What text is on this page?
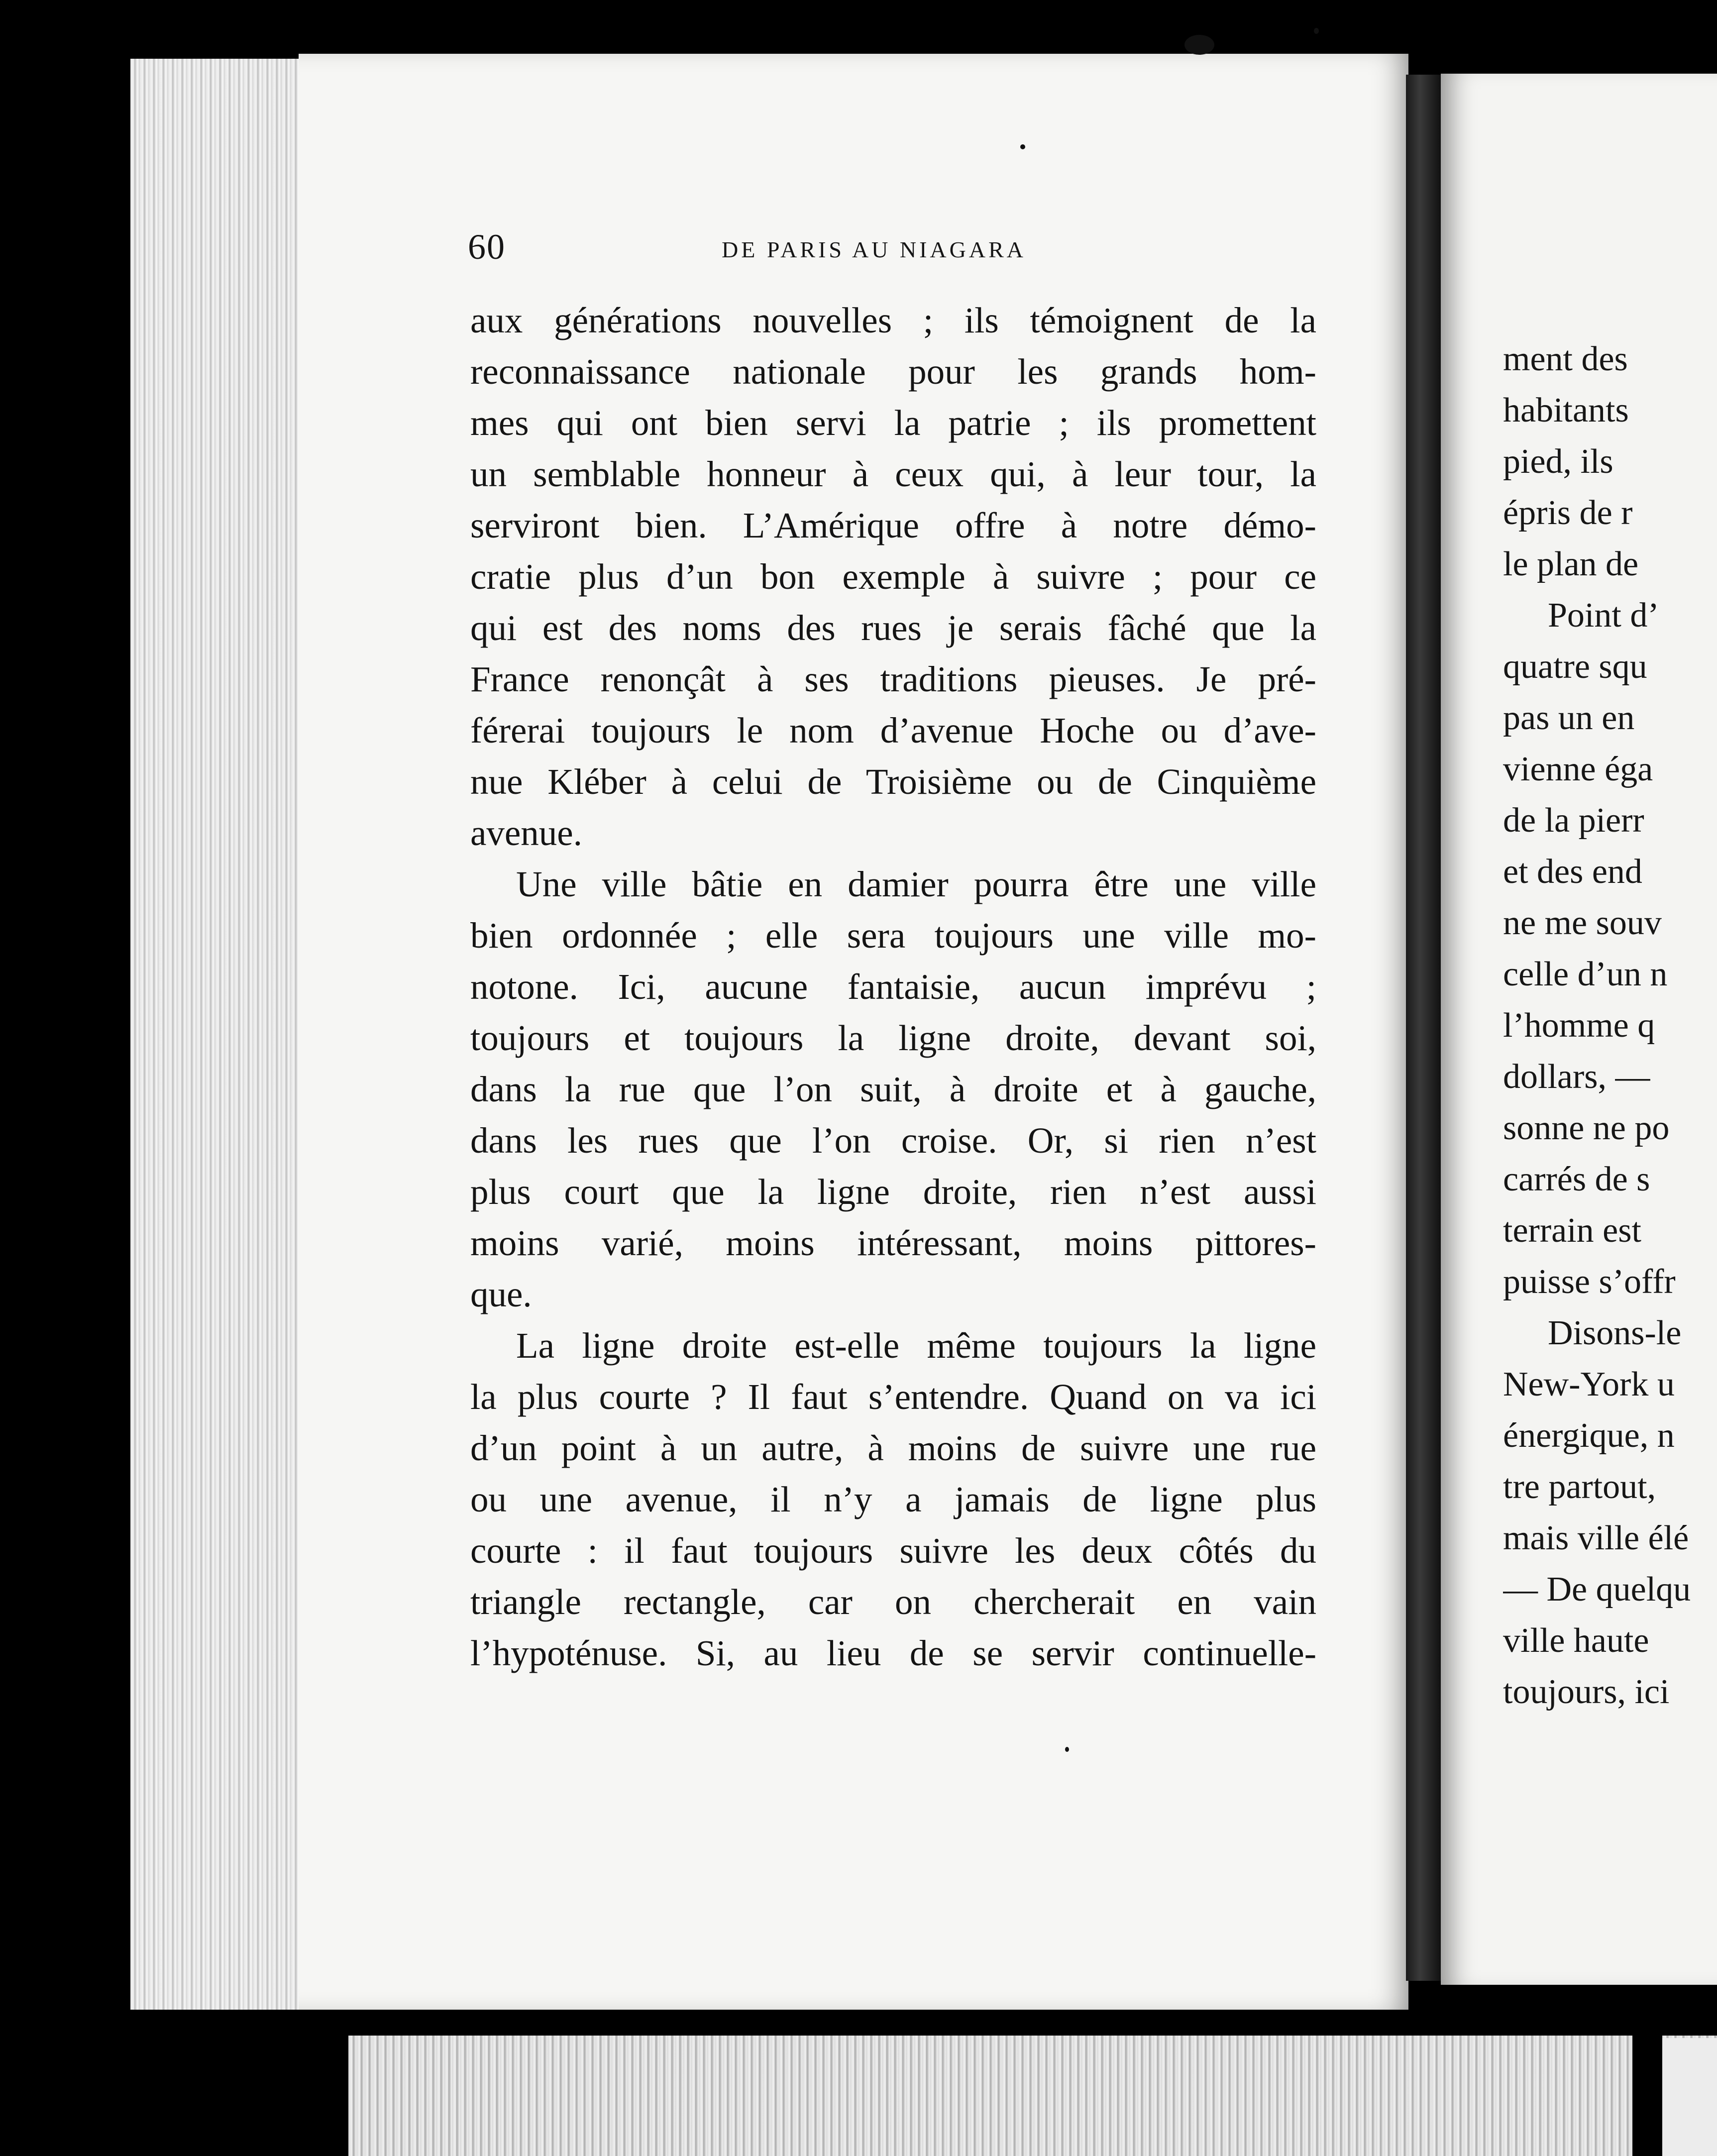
60	DE PARIS AU NIAGARA
aux générations nouvelles ; ils témoignent de la
reconnaissance nationale pour les grands hom-
mes qui ont bien servi la patrie ; ils promettent
un semblable honneur à ceux qui, à leur tour, la
serviront bien. L’Amérique offre à notre démo-
cratie plus d’un bon exemple à suivre ; pour ce
qui est des noms des rues je serais fâché que la
France renonçât à ses traditions pieuses. Je pré-
férerai toujours le nom d’avenue Hoche ou d’ave-
nue Kléber à celui de Troisième ou de Cinquième
avenue.
Une ville bâtie en damier pourra être une ville
bien ordonnée ; elle sera toujours une ville mo-
notone. Ici, aucune fantaisie, aucun imprévu ;
toujours et toujours la ligne droite, devant soi,
dans la rue que l’on suit, à droite et à gauche,
dans les rues que l’on croise. Or, si rien n’est
plus court que la ligne droite, rien n’est aussi
moins varié, moins intéressant, moins pittores-
que.
La ligne droite est-elle même toujours la ligne
la plus courte ? Il faut s’entendre. Quand on va ici
d’un point à un autre, à moins de suivre une rue
ou une avenue, il n’y a jamais de ligne plus
courte : il faut toujours suivre les deux côtés du
triangle rectangle, car on chercherait en vain
l’hypoténuse. Si, au lieu de se servir continuelle-
ment des
habitants
pied, ils
épris de r
le plan de
Point d’
quatre squ
pas un en
vienne éga
de la pierr
et des end
ne me souv
celle d’un n
l’homme q
dollars, —
sonne ne po
carrés de s
terrain est
puisse s’offr
Disons-le
New-York u
énergique, n
tre partout,
mais ville élé
— De quelqu
ville haute
toujours, ici
